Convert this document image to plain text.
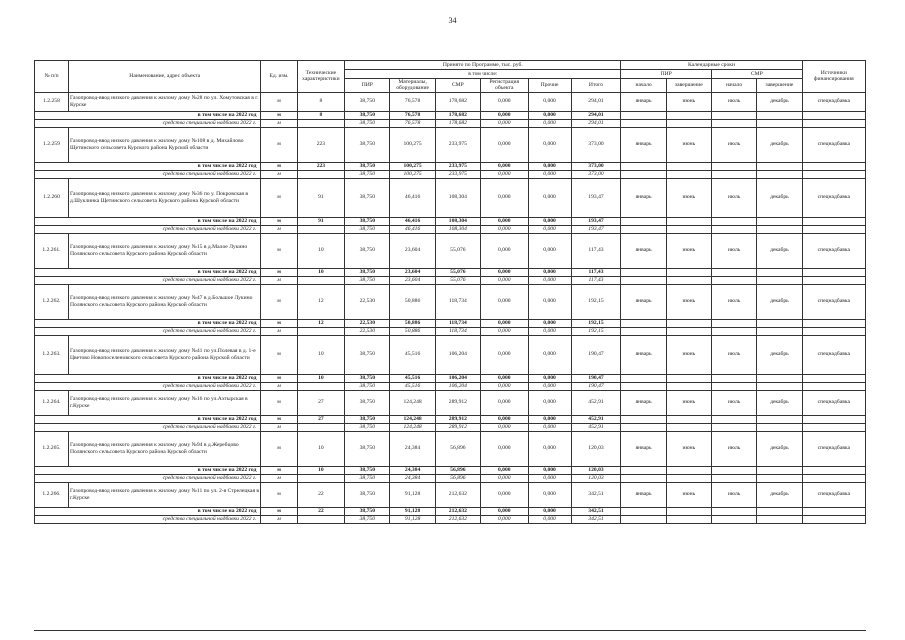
34
№ п/п	Наименование, адрес объекта	Ед. изм.	Технические характеристики	Принято по Программе, тыс. руб.						Календарные сроки				Источники финансирования
				в том числе:						ПИР		СМР		
				ПИР	Материалы, оборудование	СМР	Регистрация объекта	Прочие	Итого	начало	завершение	начало	завершение	
1.2.258	Газопровод-ввод низкого давления к жилому дому №28 по ул. Хомутовская в г. Курске	м	8	38,750	76,578	178,682	0,000	0,000	294,01	январь	июнь	июль	декабрь	спецнадбавка
в том числе на 2022 год		м	8	38,750	76,578	178,682	0,000	0,000	294,01					
средства специальной надбавки 2022 г.		м		38,750	76,578	178,682	0,000	0,000	294,01					
1.2.259	Газопровод-ввод низкого давления к жилому дому №108 в д. Михайлово Щетинского сельсовета Курского района Курской области	м	223	38,750	100,275	233,975	0,000	0,000	373,00	январь	июнь	июль	декабрь	спецнадбавка
в том числе на 2022 год		м	223	38,750	100,275	233,975	0,000	0,000	373,00					
средства специальной надбавки 2022 г.		м		38,750	100,275	233,975	0,000	0,000	373,00					
1.2.260	Газопровод-ввод низкого давления к жилому дому №36 по у. Покровская в д.Шуклинка Щетинского сельсовета Курского района Курской области	м	91	38,750	46,416	108,304	0,000	0,000	193,47	январь	июнь	июль	декабрь	спецнадбавка
в том числе на 2022 год		м	91	38,750	46,416	108,304	0,000	0,000	193,47					
средства специальной надбавки 2022 г.		м		38,750	46,416	108,304	0,000	0,000	193,47					
1.2.261.	Газопровод-ввод низкого давления к жилому дому №15 в д.Малое Лукино Полянского сельсовета Курского района Курской области	м	10	38,750	23,604	55,076	0,000	0,000	117,43	январь	июнь	июль	декабрь	спецнадбавка
в том числе на 2022 год		м	10	38,750	23,604	55,076	0,000	0,000	117,43					
средства специальной надбавки 2022 г.		м		38,750	23,604	55,076	0,000	0,000	117,43					
1.2.262.	Газопровод-ввод низкого давления к жилому дому №47 в д.Большое Лукино Полянского сельсовета Курского района Курской области	м	12	22,530	50,886	118,734	0,000	0,000	192,15	январь	июнь	июль	декабрь	спецнадбавка
в том числе на 2022 год		м	12	22,530	50,886	118,734	0,000	0,000	192,15					
средства специальной надбавки 2022 г.		м		22,530	50,886	118,734	0,000	0,000	192,15					
1.2.263.	Газопровод-ввод низкого давления к жилому дому №41 по ул.Полевая в д. 1-е Цветово Новопоселеновского сельсовета Курского района Курской области	м	10	38,750	45,516	106,204	0,000	0,000	190,47	январь	июнь	июль	декабрь	спецнадбавка
в том числе на 2022 год		м	10	38,750	45,516	106,204	0,000	0,000	190,47					
средства специальной надбавки 2022 г.		м		38,750	45,516	106,204	0,000	0,000	190,47					
1.2.264.	Газопровод-ввод низкого давления к жилому дому №16 по ул.Ахтырская в г.Курске	м	27	38,750	124,248	289,912	0,000	0,000	452,91	январь	июнь	июль	декабрь	спецнадбавка
в том числе на 2022 год		м	27	38,750	124,248	289,912	0,000	0,000	452,91					
средства специальной надбавки 2022 г.		м		38,750	124,248	289,912	0,000	0,000	452,91					
1.2.265.	Газопровод-ввод низкого давления к жилому дому №94 в д.Жеребцово Полянского сельсовета Курского района Курской области	м	10	38,750	24,384	56,896	0,000	0,000	120,03	январь	июнь	июль	декабрь	спецнадбавка
в том числе на 2022 год		м	10	38,750	24,384	56,896	0,000	0,000	120,03					
средства специальной надбавки 2022 г.		м		38,750	24,384	56,896	0,000	0,000	120,03					
1.2.266.	Газопровод-ввод низкого давления к жилому дому №11 по ул. 2-я Стрелецкая в г.Курске	м	22	38,750	91,128	212,632	0,000	0,000	342,51	январь	июнь	июль	декабрь	спецнадбавка
в том числе на 2022 год		м	22	38,750	91,128	212,632	0,000	0,000	342,51					
средства специальной надбавки 2022 г.		м		38,750	91,128	212,632	0,000	0,000	342,51					
